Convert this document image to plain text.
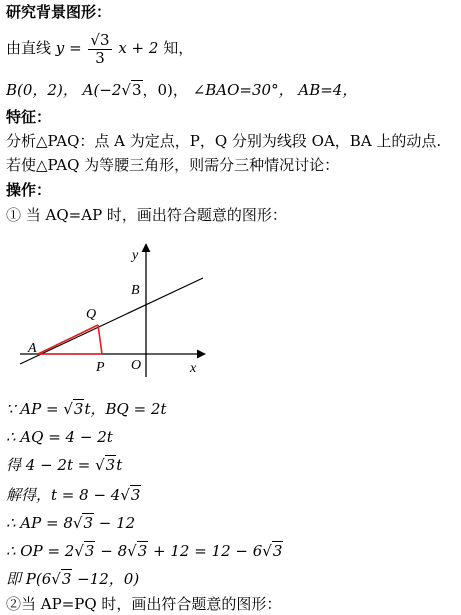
研究背景图形：
由直线 $y = \frac{√3}{3}$ x + 2 知，
B(0，2)， A(−2√3，0)， ∠BAO=30°， AB=4，
特征：
分析△PAQ：点 A 为定点，P，Q 分别为线段 OA，BA 上的动点.
若使△PAQ 为等腰三角形，则需分三种情况讨论：
操作：
① 当 AQ=AP 时，画出符合题意的图形：
y
x
B
Q
A
P O
∵ AP = √3t，BQ = 2t
∴ AQ = 4 − 2t
得 4 − 2t = √3t
解得，t = 8 − 4√3
∴ AP = 8√3 − 12
∴ OP = 2√3 − 8√3 + 12 = 12 − 6√3
即 P(6√3 −12，0)
②当 AP=PQ 时，画出符合题意的图形：
